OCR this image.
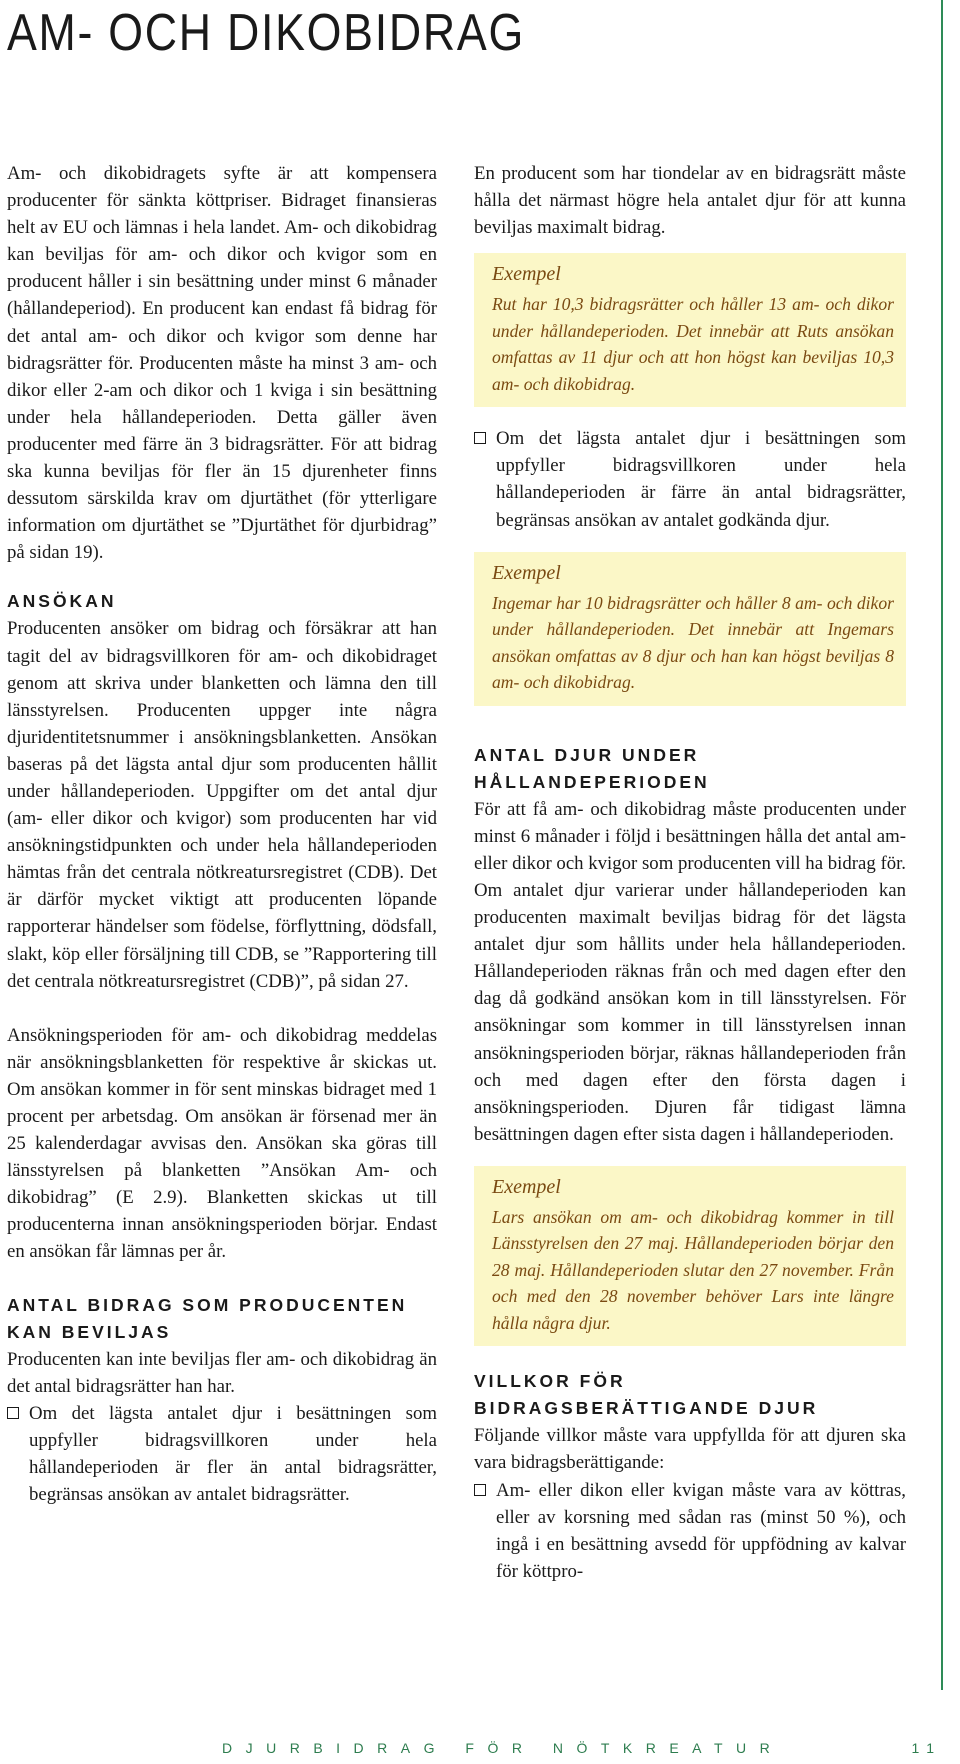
AM- OCH DIKOBIDRAG

Am- och dikobidragets syfte är att kompensera producenter för sänkta köttpriser. Bidraget finansieras helt av EU och lämnas i hela landet. Am- och dikobidrag kan beviljas för am- och dikor och kvigor som en producent håller i sin besättning under minst 6 månader (hållandeperiod). En producent kan endast få bidrag för det antal am- och dikor och kvigor som denne har bidragsrätter för. Producenten måste ha minst 3 am- och dikor eller 2-am och dikor och 1 kviga i sin besättning under hela hållandeperioden. Detta gäller även producenter med färre än 3 bidragsrätter. För att bidrag ska kunna beviljas för fler än 15 djurenheter finns dessutom särskilda krav om djurtäthet (för ytterligare information om djurtäthet se ”Djurtäthet för djurbidrag” på sidan 19).

ANSÖKAN

Producenten ansöker om bidrag och försäkrar att han tagit del av bidragsvillkoren för am- och dikobidraget genom att skriva under blanketten och lämna den till länsstyrelsen. Producenten uppger inte några djuridentitetsnummer i ansökningsblanketten. Ansökan baseras på det lägsta antal djur som producenten hållit under hållandeperioden. Uppgifter om det antal djur (am- eller dikor och kvigor) som producenten har vid ansökningstidpunkten och under hela hållandeperioden hämtas från det centrala nötkreatursregistret (CDB). Det är därför mycket viktigt att producenten löpande rapporterar händelser som födelse, förflyttning, dödsfall, slakt, köp eller försäljning till CDB, se ”Rapportering till det centrala nötkreatursregistret (CDB)”, på sidan 27.

Ansökningsperioden för am- och dikobidrag meddelas när ansökningsblanketten för respektive år skickas ut. Om ansökan kommer in för sent minskas bidraget med 1 procent per arbetsdag. Om ansökan är försenad mer än 25 kalenderdagar avvisas den. Ansökan ska göras till länsstyrelsen på blanketten ”Ansökan Am- och dikobidrag” (E 2.9). Blanketten skickas ut till producenterna innan ansökningsperioden börjar. Endast en ansökan får lämnas per år.

ANTAL BIDRAG SOM PRODUCENTEN KAN BEVILJAS

Producenten kan inte beviljas fler am- och dikobidrag än det antal bidragsrätter han har.

Om det lägsta antalet djur i besättningen som uppfyller bidragsvillkoren under hela hållandeperioden är fler än antal bidragsrätter, begränsas ansökan av antalet bidragsrätter.

En producent som har tiondelar av en bidragsrätt måste hålla det närmast högre hela antalet djur för att kunna beviljas maximalt bidrag.

Exempel

Rut har 10,3 bidragsrätter och håller 13 am- och dikor under hållandeperioden. Det innebär att Ruts ansökan omfattas av 11 djur och att hon högst kan beviljas 10,3 am- och dikobidrag.

Om det lägsta antalet djur i besättningen som uppfyller bidragsvillkoren under hela hållandeperioden är färre än antal bidragsrätter, begränsas ansökan av antalet godkända djur.

Exempel

Ingemar har 10 bidragsrätter och håller 8 am- och dikor under hållandeperioden. Det innebär att Ingemars ansökan omfattas av 8 djur och han kan högst beviljas 8 am- och dikobidrag.

ANTAL DJUR UNDER HÅLLANDEPERIODEN

För att få am- och dikobidrag måste producenten under minst 6 månader i följd i besättningen hålla det antal am- eller dikor och kvigor som producenten vill ha bidrag för. Om antalet djur varierar under hållandeperioden kan producenten maximalt beviljas bidrag för det lägsta antalet djur som hållits under hela hållandeperioden. Hållandeperioden räknas från och med dagen efter den dag då godkänd ansökan kom in till länsstyrelsen. För ansökningar som kommer in till länsstyrelsen innan ansökningsperioden börjar, räknas hållandeperioden från och med dagen efter den första dagen i ansökningsperioden. Djuren får tidigast lämna besättningen dagen efter sista dagen i hållandeperioden.

Exempel

Lars ansökan om am- och dikobidrag kommer in till Länsstyrelsen den 27 maj. Hållandeperioden börjar den 28 maj. Hållandeperioden slutar den 27 november. Från och med den 28 november behöver Lars inte längre hålla några djur.

VILLKOR FÖR BIDRAGSBERÄTTIGANDE DJUR

Följande villkor måste vara uppfyllda för att djuren ska vara bidragsberättigande:

Am- eller dikon eller kvigan måste vara av köttras, eller av korsning med sådan ras (minst 50 %), och ingå i en besättning avsedd för uppfödning av kalvar för köttpro-

DJURBIDRAG FÖR NÖTKREATUR	11
